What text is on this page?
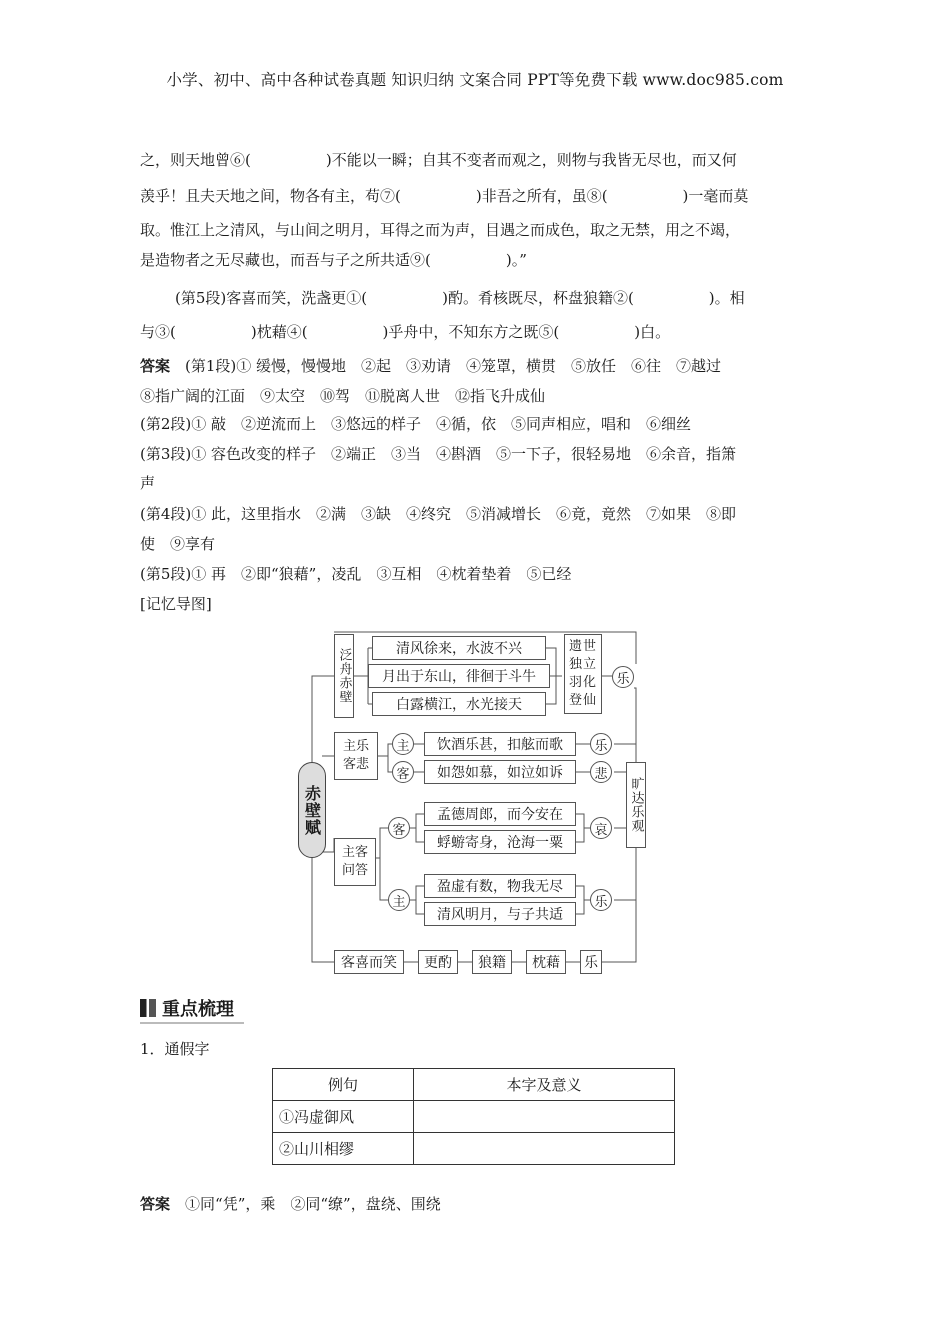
小学、初中、高中各种试卷真题 知识归纳 文案合同 PPT等免费下载 www.doc985.com
之，则天地曾⑥(　　　　　)不能以一瞬；自其不变者而观之，则物与我皆无尽也，而又何
羡乎！且夫天地之间，物各有主，苟⑦(　　　　　)非吾之所有，虽⑧(　　　　　)一毫而莫
取。惟江上之清风，与山间之明月，耳得之而为声，目遇之而成色，取之无禁，用之不竭，
是造物者之无尽藏也，而吾与子之所共适⑨(　　　　　)。”
(第5段)客喜而笑，洗盏更①(　　　　　)酌。肴核既尽，杯盘狼籍②(　　　　　)。相
与③(　　　　　)枕藉④(　　　　　)乎舟中，不知东方之既⑤(　　　　　)白。
答案　 (第1段)① 缓慢，慢慢地　②起　③劝请　④笼罩，横贯　⑤放任　⑥往　⑦越过
⑧指广阔的江面　⑨太空　⑩驾　⑪脱离人世　⑫指飞升成仙
(第2段)① 敲　②逆流而上　③悠远的样子　④循，依　⑤同声相应，唱和　⑥细丝
(第3段)① 容色改变的样子　②端正　③当　④斟酒　⑤一下子，很轻易地　⑥余音，指箫
声
(第4段)① 此，这里指水　②满　③缺　④终究　⑤消减增长　⑥竟，竟然　⑦如果　⑧即
使　⑨享有
(第5段)① 再　②即“狼藉”，凌乱　③互相　④枕着垫着　⑤已经
[记忆导图]
赤壁赋
泛舟赤壁	清风徐来，水波不兴
月出于东山，徘徊于斗牛
白露横江，水光接天
遗世独立羽化登仙
乐
主乐客悲
主
客
饮酒乐甚，扣舷而歌
如怨如慕，如泣如诉
乐
悲
旷达乐观
主客问答
客
主
孟德周郎，而今安在
蜉蝣寄身，沧海一粟
盈虚有数，物我无尽
清风明月，与子共适
哀
乐
客喜而笑	更酌	狼籍	枕藉	乐
重点梳理
1．通假字
例句	本字及意义
①冯虚御风	
②山川相缪	
答案　 ①同“凭”，乘　②同“缭”，盘绕、围绕
